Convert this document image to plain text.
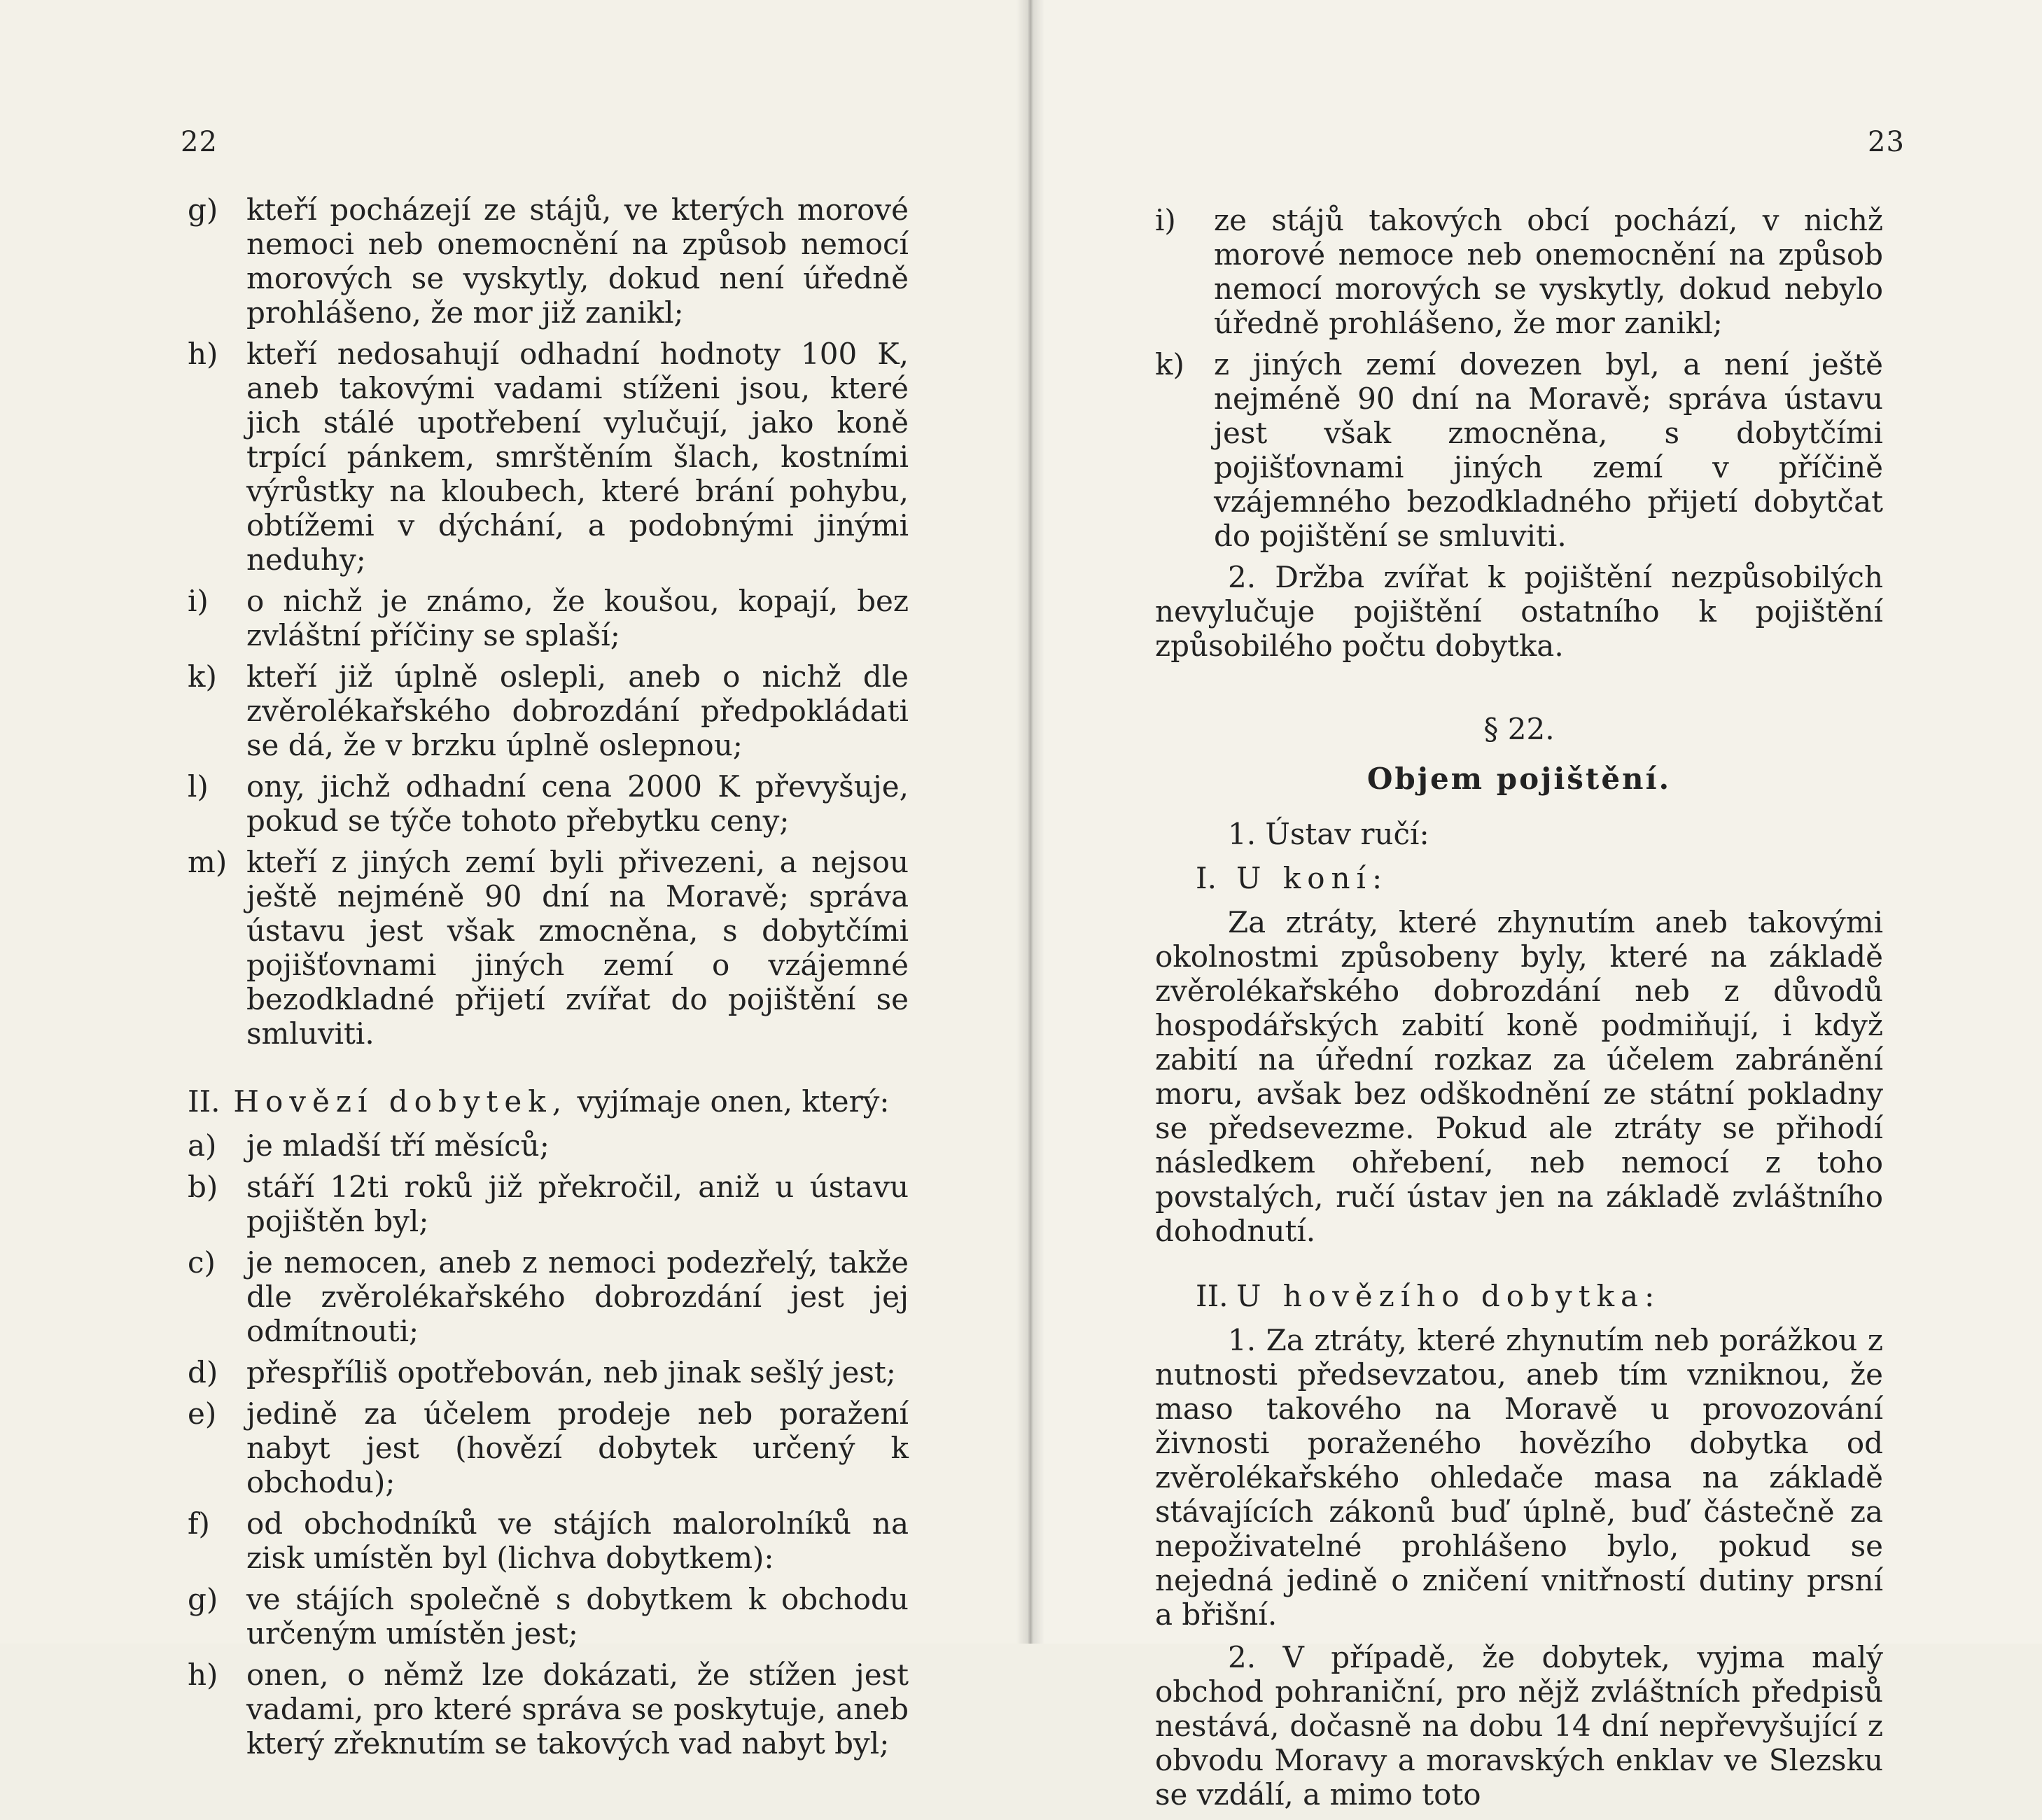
22
g) kteří pocházejí ze stájů, ve kterých morové nemoci neb onemocnění na způsob nemocí morových se vyskytly, dokud není úředně prohlášeno, že mor již zanikl;
h) kteří nedosahují odhadní hodnoty 100 K, aneb takovými vadami stíženi jsou, které jich stálé upotřebení vylučují, jako koně trpící pánkem, smrštěním šlach, kostními výrůstky na kloubech, které brání pohybu, obtížemi v dýchání, a podobnými jinými neduhy;
i) o nichž je známo, že koušou, kopají, bez zvláštní příčiny se splaší;
k) kteří již úplně oslepli, aneb o nichž dle zvěrolékařského dobrozdání předpokládati se dá, že v brzku úplně oslepnou;
l) ony, jichž odhadní cena 2000 K převyšuje, pokud se týče tohoto přebytku ceny;
m) kteří z jiných zemí byli přivezeni, a nejsou ještě nejméně 90 dní na Moravě; správa ústavu jest však zmocněna, s dobytčími pojišťovnami jiných zemí o vzájemné bezodkladné přijetí zvířat do pojištění se smluviti.
II. Hovězí dobytek, vyjímaje onen, který:
a) je mladší tří měsíců;
b) stáří 12ti roků již překročil, aniž u ústavu pojištěn byl;
c) je nemocen, aneb z nemoci podezřelý, takže dle zvěrolékařského dobrozdání jest jej odmítnouti;
d) přespříliš opotřebován, neb jinak sešlý jest;
e) jedině za účelem prodeje neb poražení nabyt jest (hovězí dobytek určený k obchodu);
f) od obchodníků ve stájích malorolníků na zisk umístěn byl (lichva dobytkem):
g) ve stájích společně s dobytkem k obchodu určeným umístěn jest;
h) onen, o němž lze dokázati, že stížen jest vadami, pro které správa se poskytuje, aneb který zřeknutím se takových vad nabyt byl;
23
i) ze stájů takových obcí pochází, v nichž morové nemoce neb onemocnění na způsob nemocí morových se vyskytly, dokud nebylo úředně prohlášeno, že mor zanikl;
k) z jiných zemí dovezen byl, a není ještě nejméně 90 dní na Moravě; správa ústavu jest však zmocněna, s dobytčími pojišťovnami jiných zemí v příčině vzájemného bezodkladného přijetí dobytčat do pojištění se smluviti.
2. Držba zvířat k pojištění nezpůsobilých nevylučuje pojištění ostatního k pojištění způsobilého počtu dobytka.
§ 22.
Objem pojištění.
1. Ústav ručí:
I. U koní:
Za ztráty, které zhynutím aneb takovými okolnostmi způsobeny byly, které na základě zvěrolékařského dobrozdání neb z důvodů hospodářských zabití koně podmiňují, i když zabití na úřední rozkaz za účelem zabránění moru, avšak bez odškodnění ze státní pokladny se předsevezme. Pokud ale ztráty se přihodí následkem ohřebení, neb nemocí z toho povstalých, ručí ústav jen na základě zvláštního dohodnutí.
II. U hovězího dobytka:
1. Za ztráty, které zhynutím neb porážkou z nutnosti předsevzatou, aneb tím vzniknou, že maso takového na Moravě u provozování živnosti poraženého hovězího dobytka od zvěrolékařského ohledače masa na základě stávajících zákonů buď úplně, buď částečně za nepoživatelné prohlášeno bylo, pokud se nejedná jedině o zničení vnitřností dutiny prsní a břišní.
2. V případě, že dobytek, vyjma malý obchod pohraniční, pro nějž zvláštních předpisů nestává, dočasně na dobu 14 dní nepřevyšující z obvodu Moravy a moravských enklav ve Slezsku se vzdálí, a mimo toto
